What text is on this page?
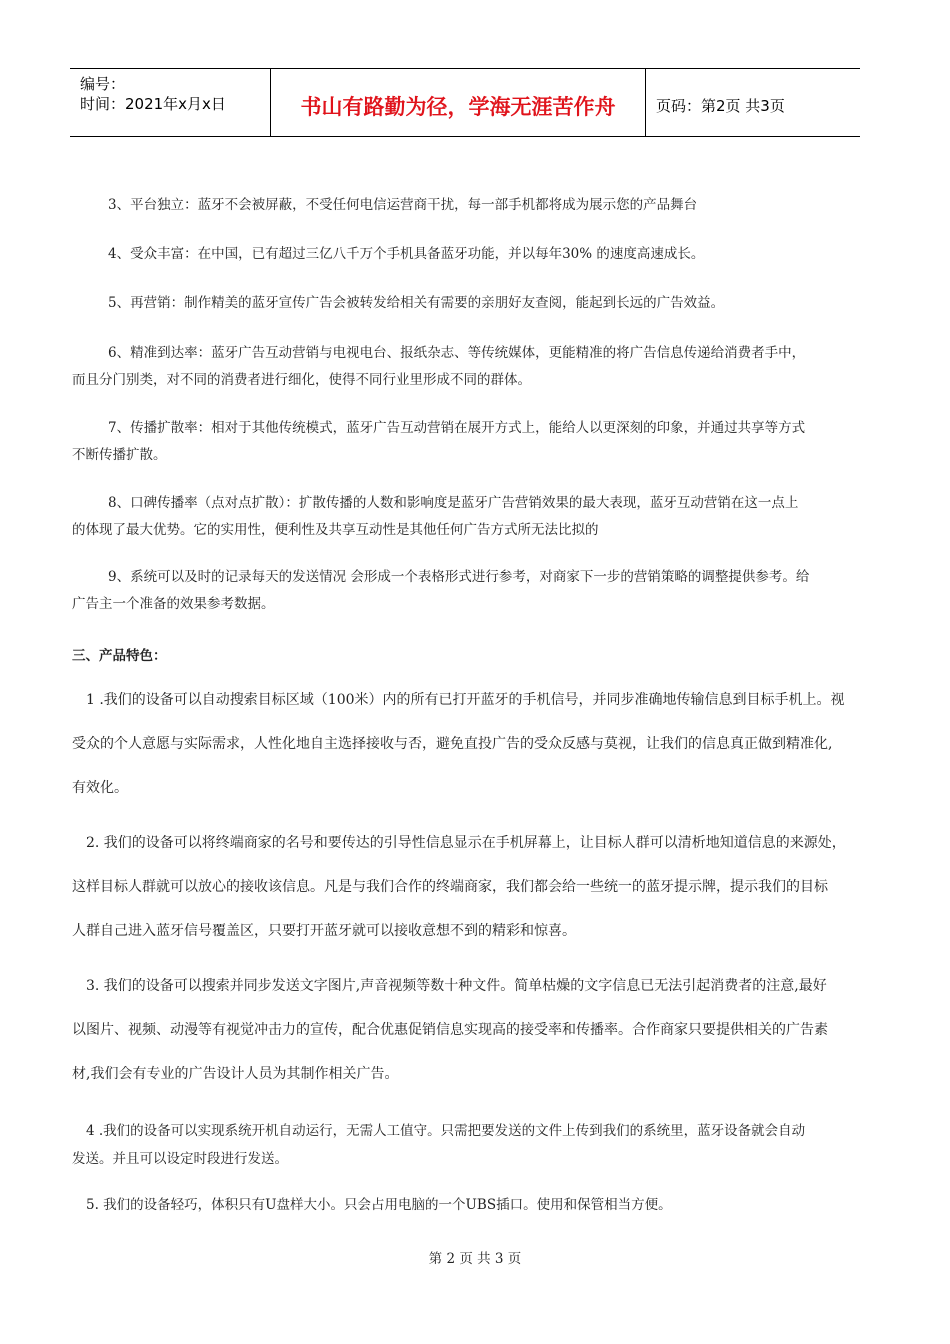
编号：
时间：2021年x月x日	书山有路勤为径，学海无涯苦作舟	页码：第2页 共3页
3、平台独立：蓝牙不会被屏蔽，不受任何电信运营商干扰，每一部手机都将成为展示您的产品舞台
4、受众丰富：在中国，已有超过三亿八千万个手机具备蓝牙功能，并以每年30% 的速度高速成长。
5、再营销：制作精美的蓝牙宣传广告会被转发给相关有需要的亲朋好友查阅，能起到长远的广告效益。
6、精准到达率：蓝牙广告互动营销与电视电台、报纸杂志、等传统媒体，更能精准的将广告信息传递给消费者手中，
而且分门别类，对不同的消费者进行细化，使得不同行业里形成不同的群体。
7、传播扩散率：相对于其他传统模式，蓝牙广告互动营销在展开方式上，能给人以更深刻的印象，并通过共享等方式
不断传播扩散。
8、口碑传播率（点对点扩散）：扩散传播的人数和影响度是蓝牙广告营销效果的最大表现，蓝牙互动营销在这一点上
的体现了最大优势。它的实用性，便利性及共享互动性是其他任何广告方式所无法比拟的
9、系统可以及时的记录每天的发送情况 会形成一个表格形式进行参考，对商家下一步的营销策略的调整提供参考。给
广告主一个准备的效果参考数据。
三、产品特色：
1 .我们的设备可以自动搜索目标区域（100米）内的所有已打开蓝牙的手机信号，并同步准确地传输信息到目标手机上。视
受众的个人意愿与实际需求，人性化地自主选择接收与否，避免直投广告的受众反感与莫视，让我们的信息真正做到精准化,
有效化。
2. 我们的设备可以将终端商家的名号和要传达的引导性信息显示在手机屏幕上，让目标人群可以清析地知道信息的来源处，
这样目标人群就可以放心的接收该信息。凡是与我们合作的终端商家，我们都会给一些统一的蓝牙提示牌，提示我们的目标
人群自己进入蓝牙信号覆盖区，只要打开蓝牙就可以接收意想不到的精彩和惊喜。
3. 我们的设备可以搜索并同步发送文字图片,声音视频等数十种文件。简单枯燥的文字信息已无法引起消费者的注意,最好
以图片、视频、动漫等有视觉冲击力的宣传，配合优惠促销信息实现高的接受率和传播率。合作商家只要提供相关的广告素
材,我们会有专业的广告设计人员为其制作相关广告。
4 .我们的设备可以实现系统开机自动运行，无需人工值守。只需把要发送的文件上传到我们的系统里，蓝牙设备就会自动
发送。并且可以设定时段进行发送。
5. 我们的设备轻巧，体积只有U盘样大小。只会占用电脑的一个UBS插口。使用和保管相当方便。
第 2 页 共 3 页
